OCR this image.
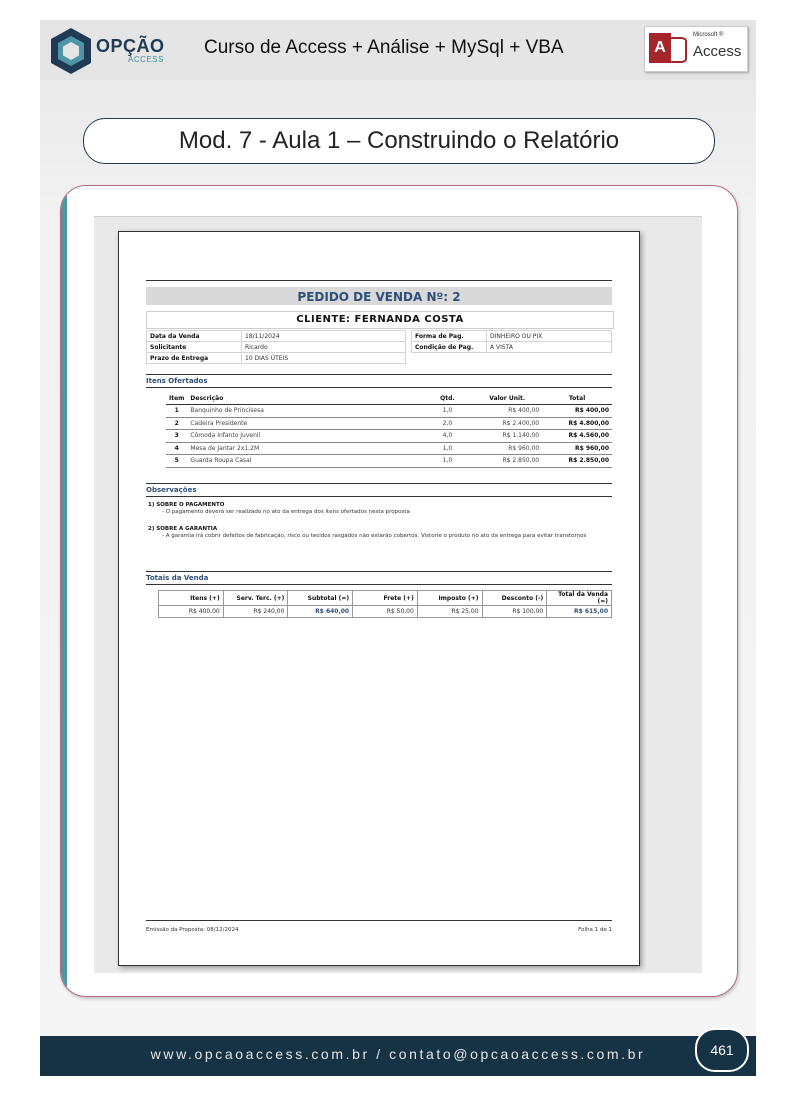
OPÇÃO
ACCESS
Curso de Access + Análise + MySql + VBA	A
Microsoft ®
Access
Mod. 7 - Aula 1 – Construindo o Relatório
PEDIDO DE VENDA Nº: 2
CLIENTE: FERNANDA COSTA
Data da Venda	18/11/2024
Solicitante	Ricardo
Prazo de Entrega	10 DIAS ÚTEIS
Forma de Pag.	DINHEIRO OU PIX
Condição de Pag.	A VISTA
Itens Ofertados
Item	Descrição	Qtd.	Valor Unit.	Total
1	Banquinho de Princisesa	1,0	R$ 400,00	R$ 400,00
2	Cadeira Presidente	2,0	R$ 2.400,00	R$ 4.800,00
3	Cômoda Infanto Juvenil	4,0	R$ 1.140,00	R$ 4.560,00
4	Mesa de Jantar 2x1,2M	1,0	R$ 960,00	R$ 960,00
5	Guarda Roupa Casal	1,0	R$ 2.850,00	R$ 2.850,00
Observações
1) SOBRE O PAGAMENTO
- O pagamento deverá ser realizado no ato da entrega dos itens ofertados nesta proposta
2) SOBRE A GARANTIA

- A garantia irá cobrir defeitos de fabricação, risco ou tecidos rasgados não estarão cobertos. Vistorie o produto no ato da entrega para evitar transtornos
Totais da Venda
Itens (+)	Serv. Terc. (+)	Subtotal (=)	Frete (+)	Imposto (+)	Desconto (-)	Total da Venda (=)
R$ 400,00	R$ 240,00	R$ 640,00	R$ 50,00	R$ 25,00	R$ 100,00	R$ 615,00
Emissão da Proposta: 08/12/2024	Folha 1 de 1
www.opcaoaccess.com.br / contato@opcaoaccess.com.br	461
